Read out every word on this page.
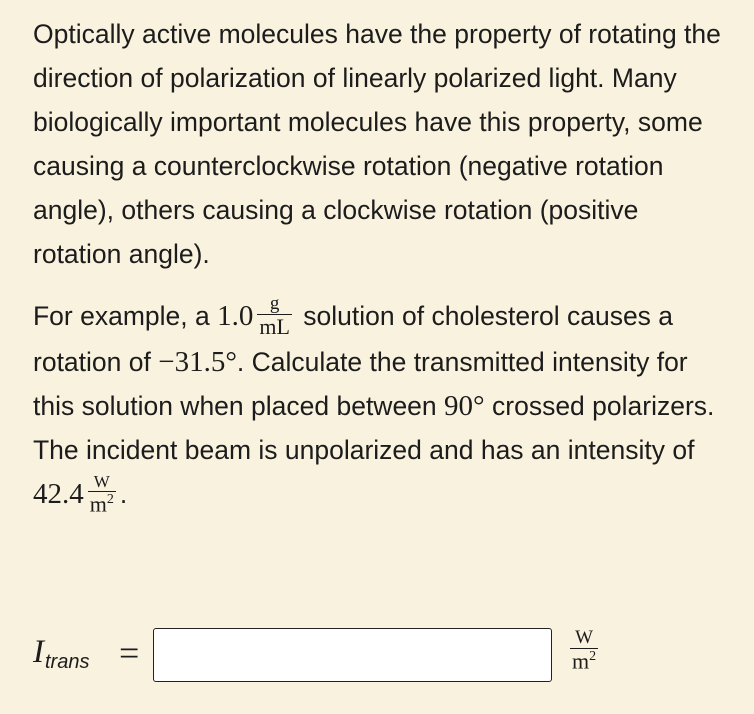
Optically active molecules have the property of rotating the direction of polarization of linearly polarized light. Many biologically important molecules have this property, some causing a counterclockwise rotation (negative rotation angle), others causing a clockwise rotation (positive rotation angle).

For example, a $1.0 \frac{g}{mL}$ solution of cholesterol causes a rotation of −31.5°. Calculate the transmitted intensity for this solution when placed between 90° crossed polarizers. The incident beam is unpolarized and has an intensity of $42.4 \frac{W}{m^2}$ .

Itrans =	$\frac{W}{m^2}$
